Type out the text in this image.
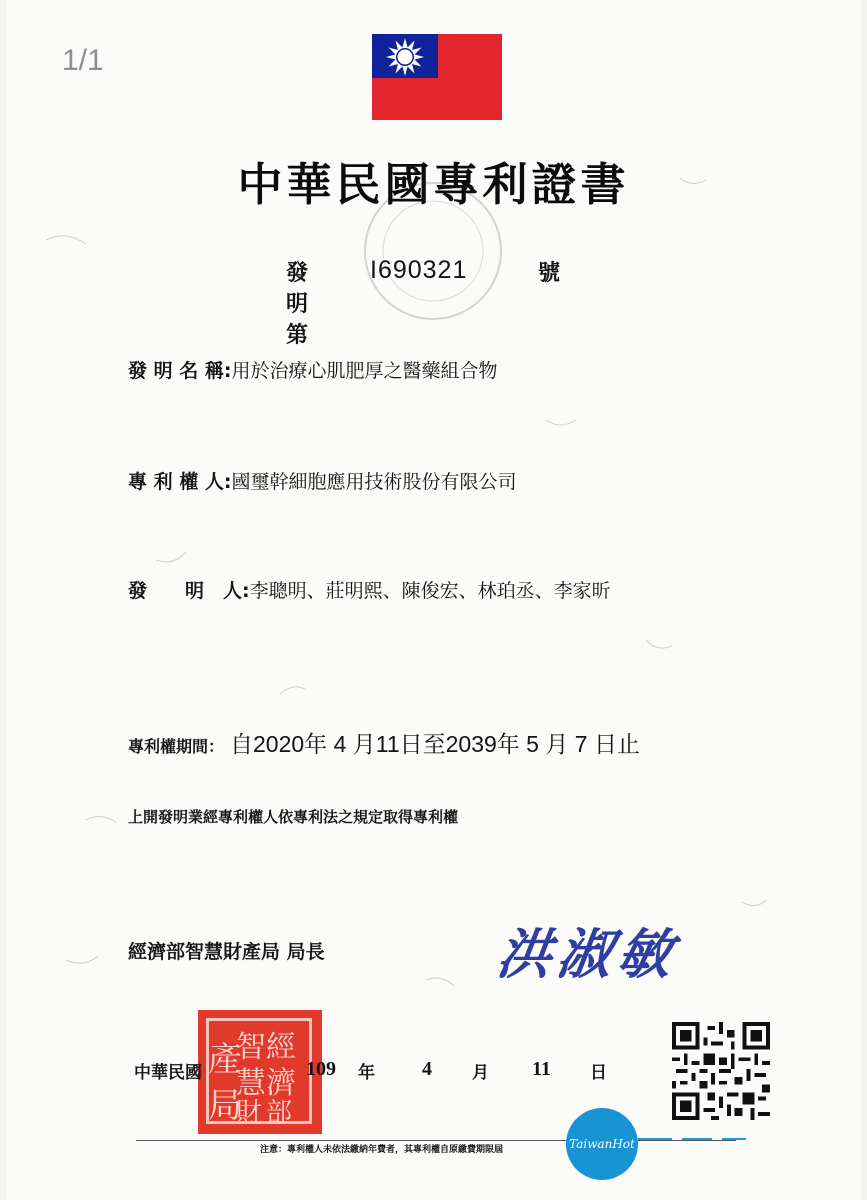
中華民國專利證書
發明第
I690321	號
發 明 名 稱:用於治療心肌肥厚之醫藥組合物
專 利 權 人:國璽幹細胞應用技術股份有限公司
發　　明　人:李聰明、莊明熙、陳俊宏、林珀丞、李家昕
專利權期間： 自2020年 4 月11日至2039年 5 月 7 日止
上開發明業經專利權人依專利法之規定取得專利權
經濟部智慧財產局 局長	洪淑敏
經
濟
部
智
慧
財
產
局
中華民國	109 年 4 月 11 日
注意：專利權人未依法繳納年費者，其專利權自原繳費期限屆	TaiwanHot
1/1
